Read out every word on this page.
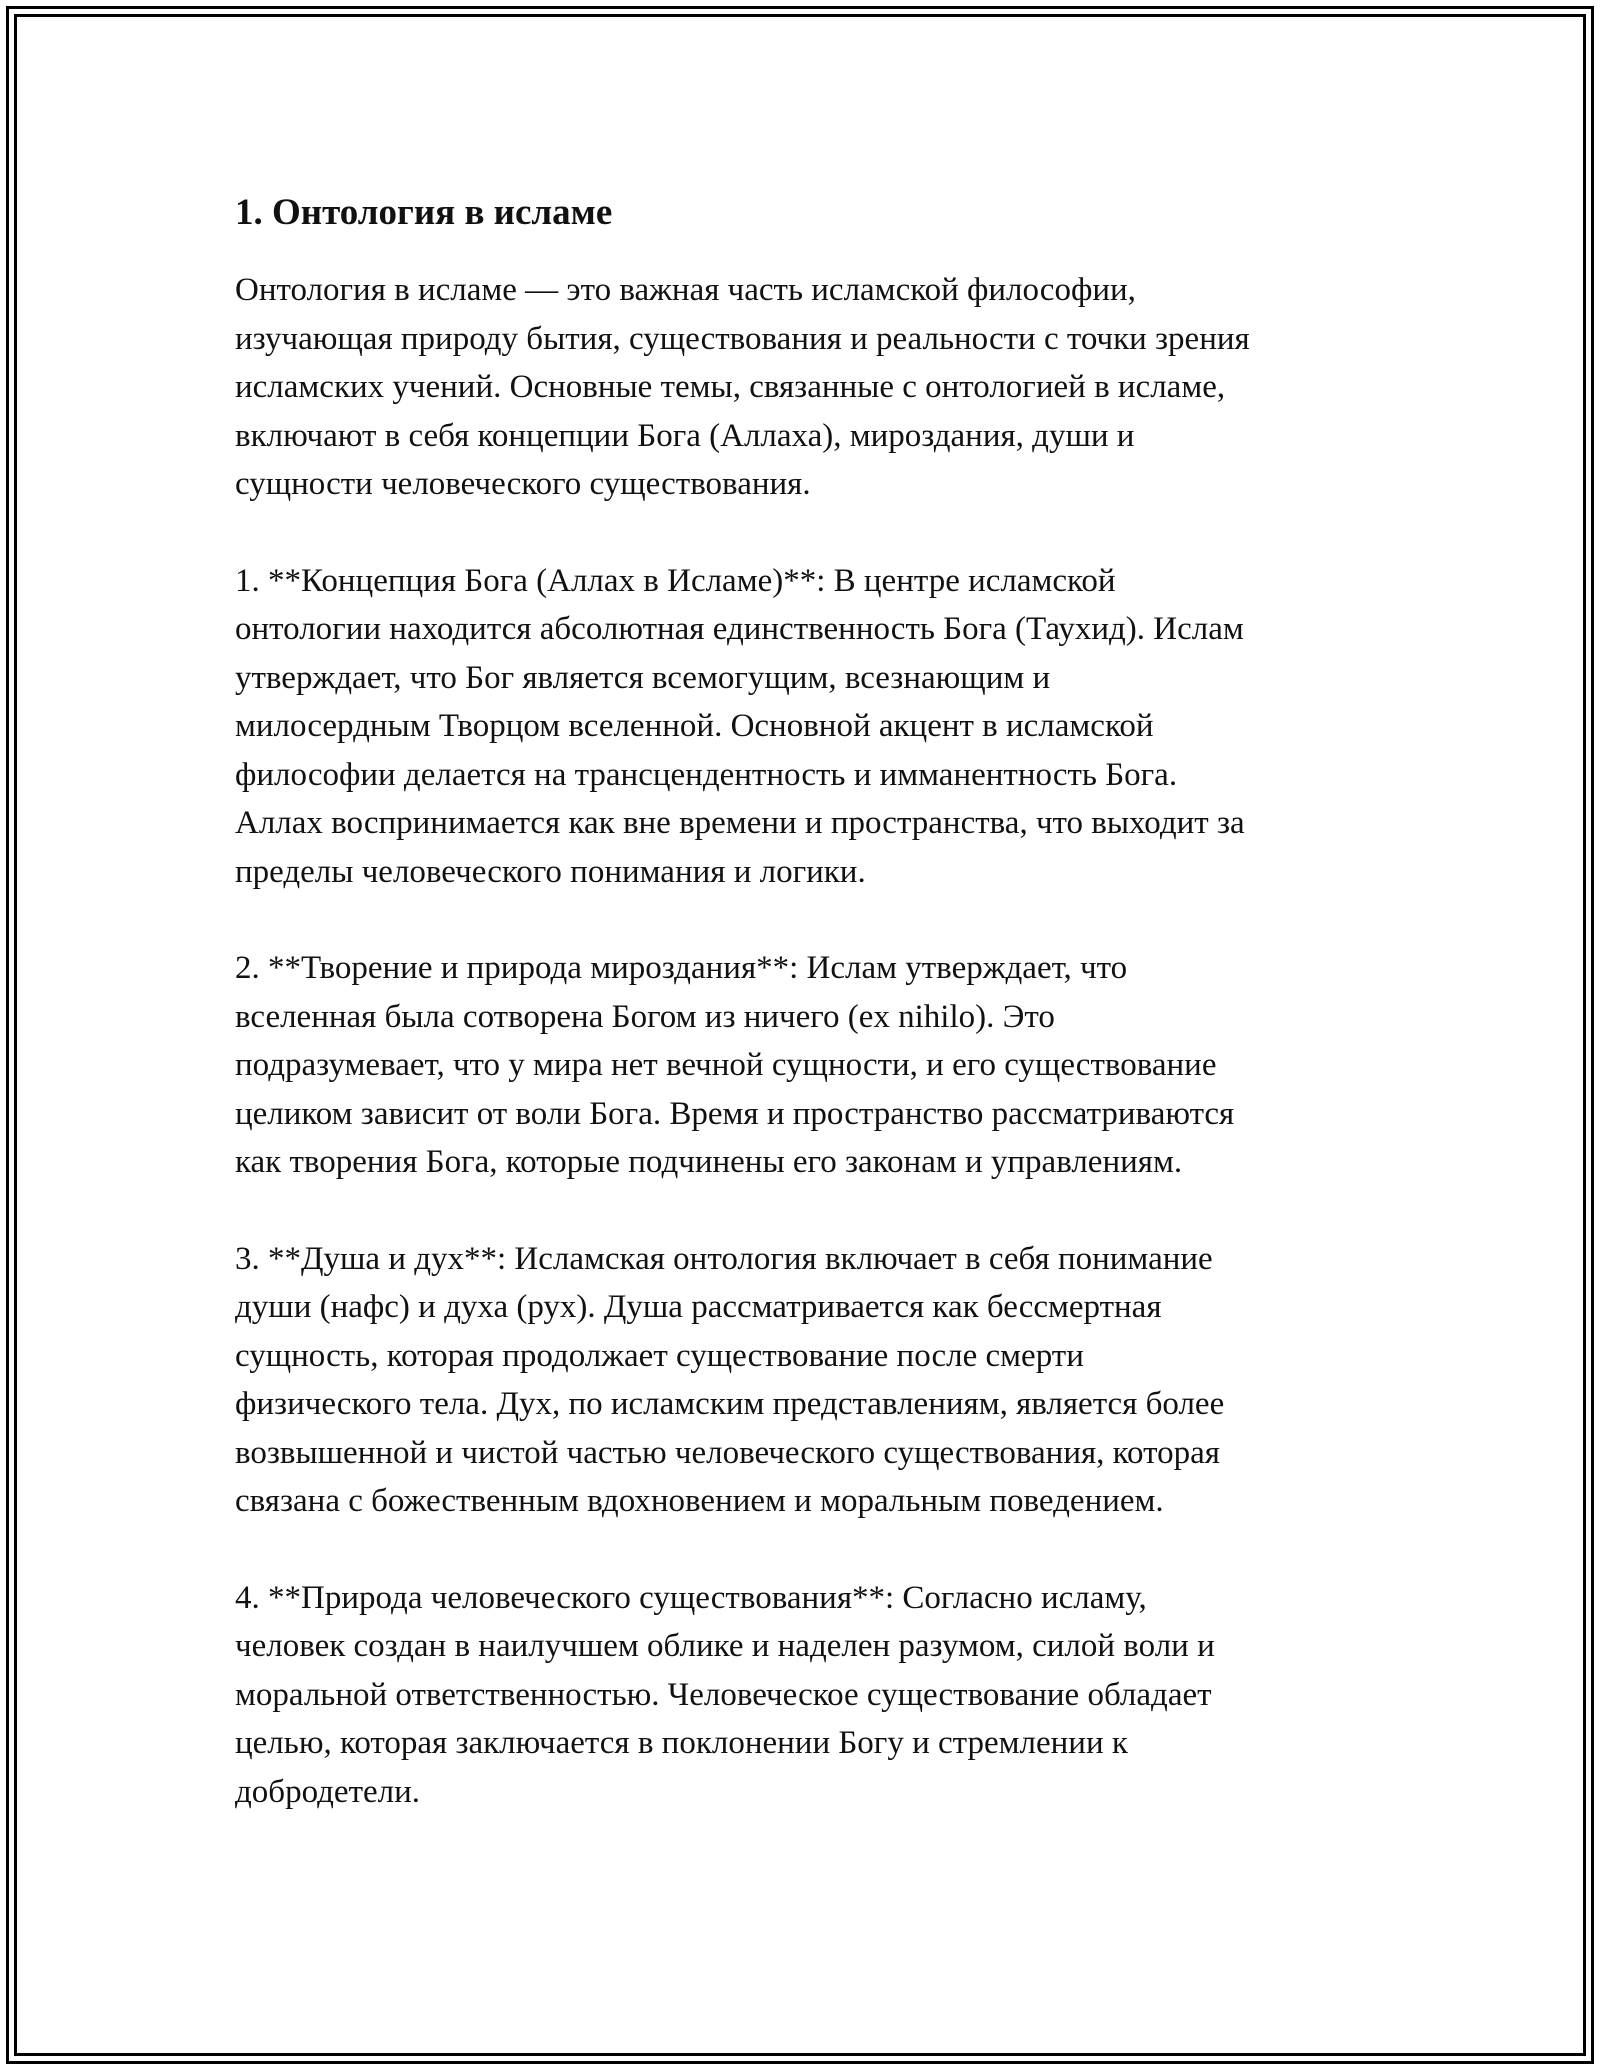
1. Онтология в исламе

Онтология в исламе — это важная часть исламской философии,
изучающая природу бытия, существования и реальности с точки зрения
исламских учений. Основные темы, связанные с онтологией в исламе,
включают в себя концепции Бога (Аллаха), мироздания, души и
сущности человеческого существования.

1. **Концепция Бога (Аллах в Исламе)**: В центре исламской
онтологии находится абсолютная единственность Бога (Таухид). Ислам
утверждает, что Бог является всемогущим, всезнающим и
милосердным Творцом вселенной. Основной акцент в исламской
философии делается на трансцендентность и имманентность Бога.
Аллах воспринимается как вне времени и пространства, что выходит за
пределы человеческого понимания и логики.

2. **Творение и природа мироздания**: Ислам утверждает, что
вселенная была сотворена Богом из ничего (ex nihilo). Это
подразумевает, что у мира нет вечной сущности, и его существование
целиком зависит от воли Бога. Время и пространство рассматриваются
как творения Бога, которые подчинены его законам и управлениям.

3. **Душа и дух**: Исламская онтология включает в себя понимание
души (нафс) и духа (рух). Душа рассматривается как бессмертная
сущность, которая продолжает существование после смерти
физического тела. Дух, по исламским представлениям, является более
возвышенной и чистой частью человеческого существования, которая
связана с божественным вдохновением и моральным поведением.

4. **Природа человеческого существования**: Согласно исламу,
человек создан в наилучшем облике и наделен разумом, силой воли и
моральной ответственностью. Человеческое существование обладает
целью, которая заключается в поклонении Богу и стремлении к
добродетели.
